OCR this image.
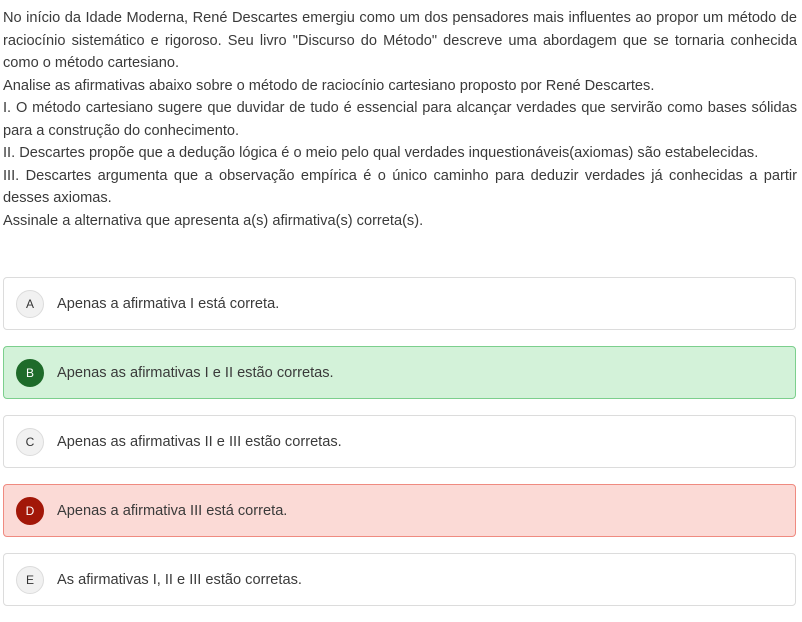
No início da Idade Moderna, René Descartes emergiu como um dos pensadores mais influentes ao propor um método de raciocínio sistemático e rigoroso. Seu livro "Discurso do Método" descreve uma abordagem que se tornaria conhecida como o método cartesiano.

Analise as afirmativas abaixo sobre o método de raciocínio cartesiano proposto por René Descartes.

I. O método cartesiano sugere que duvidar de tudo é essencial para alcançar verdades que servirão como bases sólidas para a construção do conhecimento.

II. Descartes propõe que a dedução lógica é o meio pelo qual verdades inquestionáveis(axiomas) são estabelecidas.

III. Descartes argumenta que a observação empírica é o único caminho para deduzir verdades já conhecidas a partir desses axiomas.

Assinale a alternativa que apresenta a(s) afirmativa(s) correta(s).

A	Apenas a afirmativa I está correta.
B	Apenas as afirmativas I e II estão corretas.
C	Apenas as afirmativas II e III estão corretas.
D	Apenas a afirmativa III está correta.
E	As afirmativas I, II e III estão corretas.
